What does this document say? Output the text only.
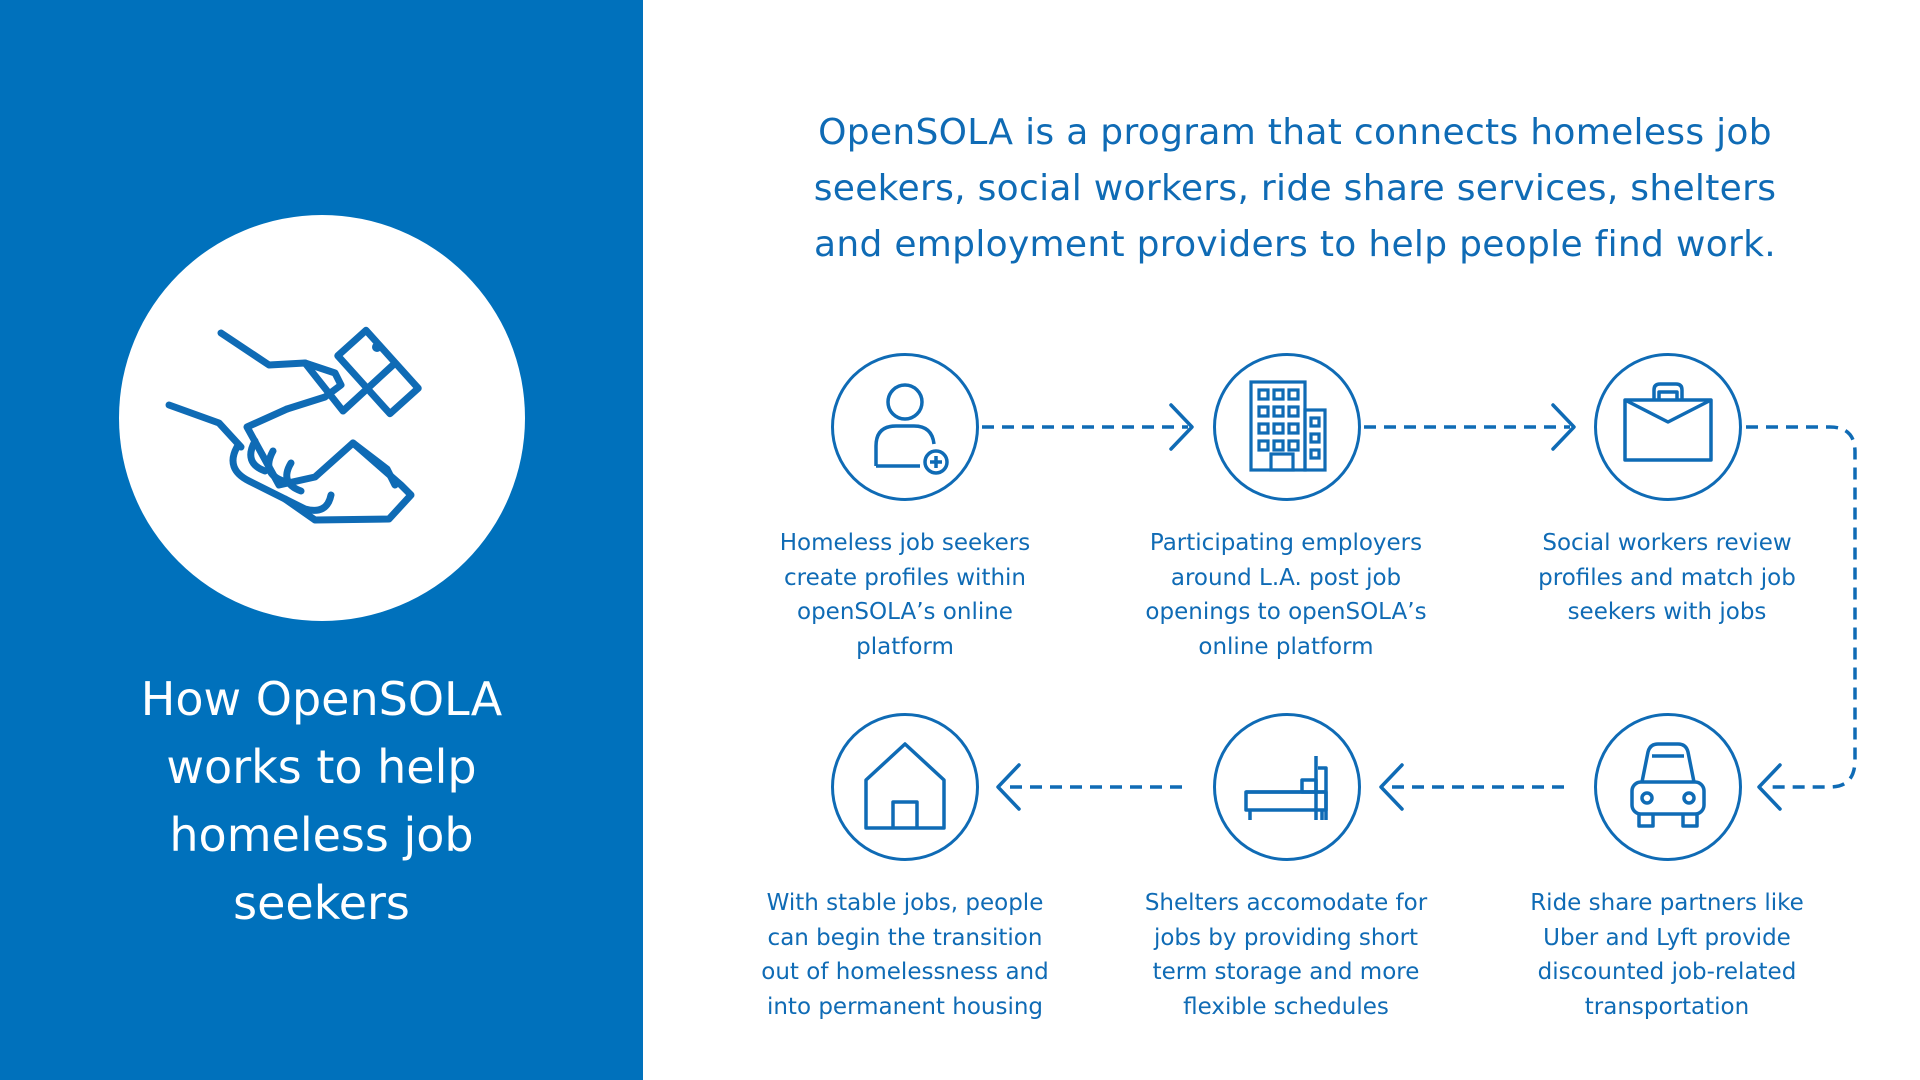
How OpenSOLA
works to help
homeless job
seekers
OpenSOLA is a program that connects homeless job
seekers, social workers, ride share services, shelters
and employment providers to help people find work.
Homeless job seekers
create profiles within
openSOLA’s online
platform
Participating employers
around L.A. post job
openings to openSOLA’s
online platform
Social workers review
profiles and match job
seekers with jobs
Ride share partners like
Uber and Lyft provide
discounted job-related
transportation
Shelters accomodate for
jobs by providing short
term storage and more
flexible schedules
With stable jobs, people
can begin the transition
out of homelessness and
into permanent housing
